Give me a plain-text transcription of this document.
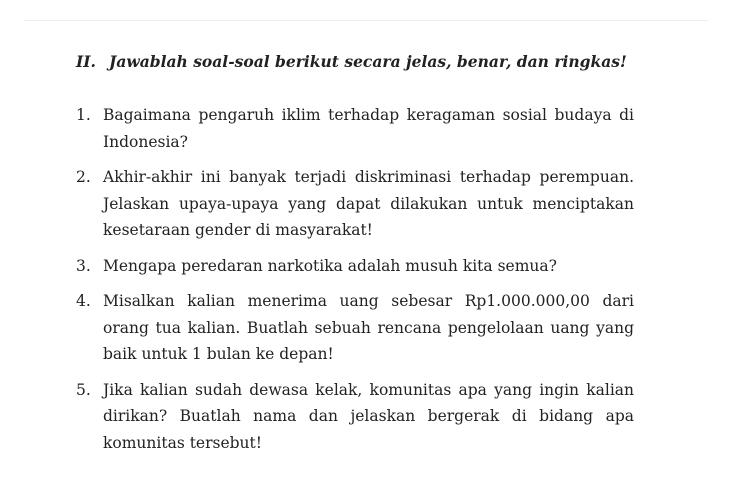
II. Jawablah soal-soal berikut secara jelas, benar, dan ringkas!
1. Bagaimana pengaruh iklim terhadap keragaman sosial budaya di Indonesia?
2. Akhir-akhir ini banyak terjadi diskriminasi terhadap perempuan. Jelaskan upaya-upaya yang dapat dilakukan untuk menciptakan kesetaraan gender di masyarakat!
3. Mengapa peredaran narkotika adalah musuh kita semua?
4. Misalkan kalian menerima uang sebesar Rp1.000.000,00 dari orang tua kalian. Buatlah sebuah rencana pengelolaan uang yang baik untuk 1 bulan ke depan!
5. Jika kalian sudah dewasa kelak, komunitas apa yang ingin kalian dirikan? Buatlah nama dan jelaskan bergerak di bidang apa komunitas tersebut!
